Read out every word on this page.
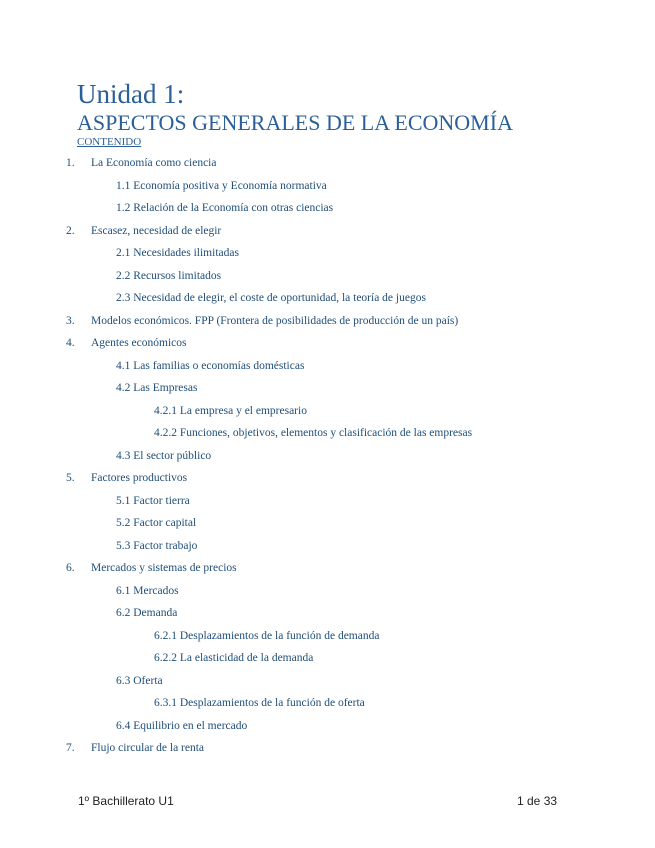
Unidad 1:
ASPECTOS GENERALES DE LA ECONOMÍA
CONTENIDO
1. La Economía como ciencia
1.1 Economía positiva y Economía normativa
1.2 Relación de la Economía con otras ciencias
2. Escasez, necesidad de elegir
2.1 Necesidades ilimitadas
2.2 Recursos limitados
2.3 Necesidad de elegir, el coste de oportunidad, la teoría de juegos
3. Modelos económicos. FPP (Frontera de posibilidades de producción de un país)
4. Agentes económicos
4.1 Las familias o economías domésticas
4.2 Las Empresas
4.2.1 La empresa y el empresario
4.2.2 Funciones, objetivos, elementos y clasificación de las empresas
4.3 El sector público
5. Factores productivos
5.1 Factor tierra
5.2 Factor capital
5.3 Factor trabajo
6. Mercados y sistemas de precios
6.1 Mercados
6.2 Demanda
6.2.1 Desplazamientos de la función de demanda
6.2.2 La elasticidad de la demanda
6.3 Oferta
6.3.1 Desplazamientos de la función de oferta
6.4 Equilibrio en el mercado
7. Flujo circular de la renta
1º Bachillerato U1	1 de 33
